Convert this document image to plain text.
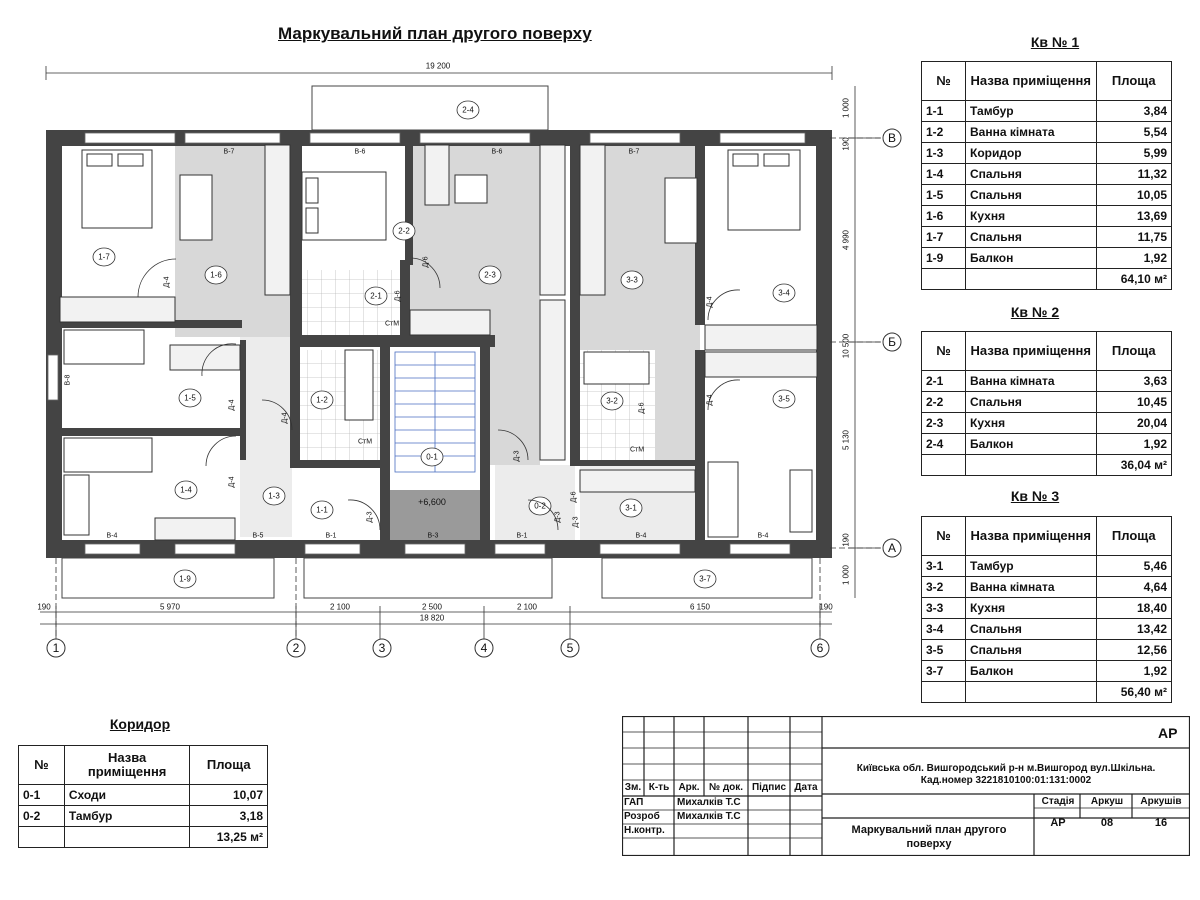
Маркувальний план другого поверху
19 200
18 820
190	5 970	2 100	2 500	2 100	6 150	190
1 000
190
4 990
10 500
5 130
190
1 000
1	2	3	4	5	6
В
Б
А
1-1
1-2
1-3
1-4
1-5
1-6
1-7
1-9
2-1
2-2
2-3
2-4
3-1
3-2
3-3
3-4
3-5
3-7
0-1
0-2
Д-4
Д-4
Д-4
Д-4
Д-6
Д-3
Д-6
Д-6
Д-3
Д-3
Д-6
Д-4
Д-4
Д-3
В-7	В-6	В-6	В-7
В-8
В-4	В-5	В-1	В-3	В-1	В-4	В-4
+6,600
СтМ
СтМ
СтМ
Кв № 1
№	Назва приміщення	Площа
1-1	Тамбур	3,84
1-2	Ванна кімната	5,54
1-3	Коридор	5,99
1-4	Спальня	11,32
1-5	Спальня	10,05
1-6	Кухня	13,69
1-7	Спальня	11,75
1-9	Балкон	1,92
		64,10 м²
Кв № 2
№	Назва приміщення	Площа
2-1	Ванна кімната	3,63
2-2	Спальня	10,45
2-3	Кухня	20,04
2-4	Балкон	1,92
		36,04 м²
Кв № 3
№	Назва приміщення	Площа
3-1	Тамбур	5,46
3-2	Ванна кімната	4,64
3-3	Кухня	18,40
3-4	Спальня	13,42
3-5	Спальня	12,56
3-7	Балкон	1,92
		56,40 м²
Коридор
№	Назва приміщення	Площа
0-1	Сходи	10,07
0-2	Тамбур	3,18
		13,25 м²
АР
Київська обл. Вишгородський р-н м.Вишгород вул.Шкільна.
Кад.номер 3221810100:01:131:0002
Зм. К-ть Арк. № док. Підпис Дата
ГАП	Михалків Т.С
Розроб Михалків Т.С
Н.контр.
Стадія	Аркуш	Аркушів
АР	08	16
Маркувальний план другого
поверху
